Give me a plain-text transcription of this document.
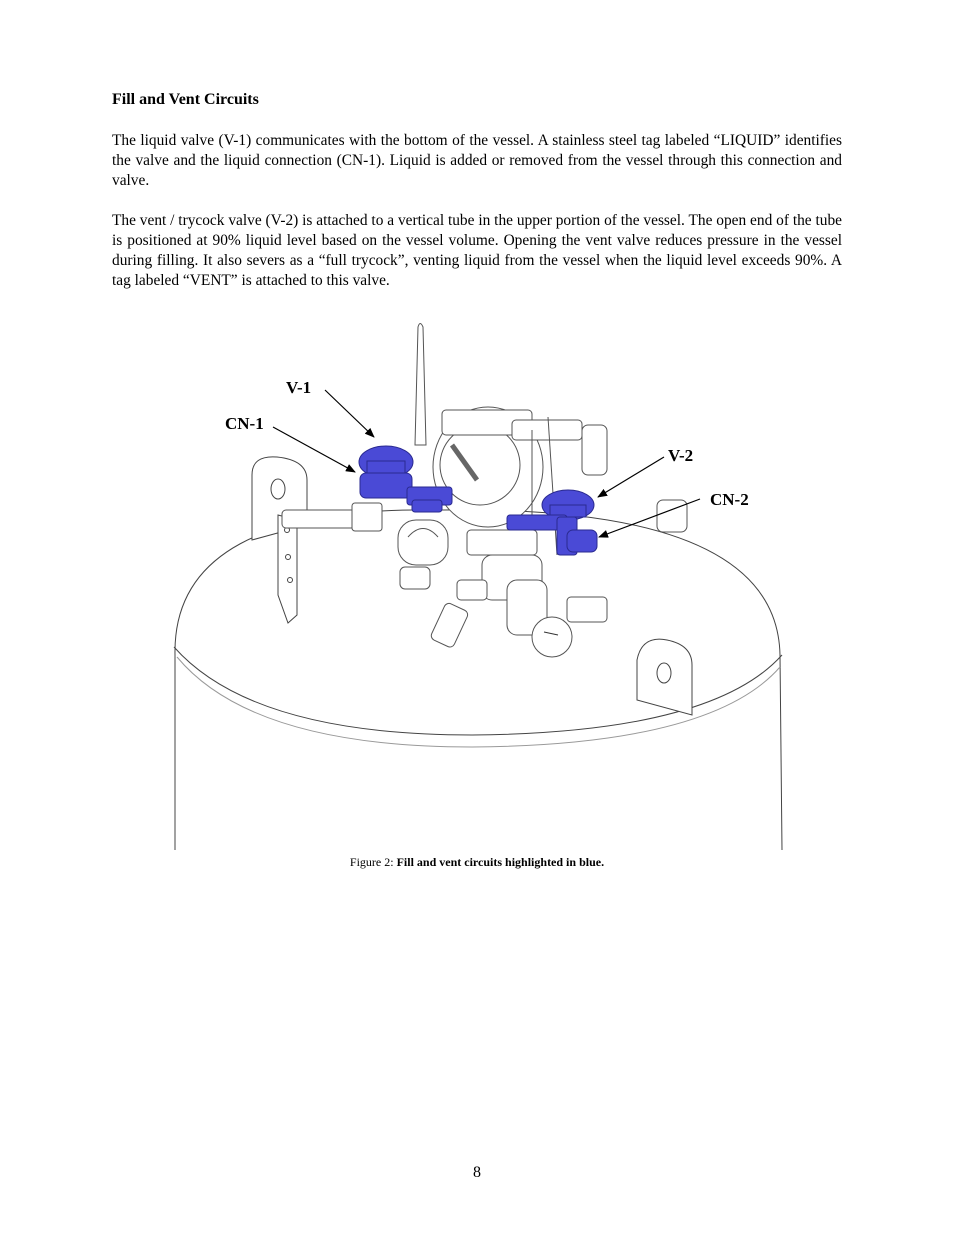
Fill and Vent Circuits

The liquid valve (V-1) communicates with the bottom of the vessel. A stainless steel tag labeled “LIQUID” identifies the valve and the liquid connection (CN-1). Liquid is added or removed from the vessel through this connection and valve.

The vent / trycock valve (V-2) is attached to a vertical tube in the upper portion of the vessel. The open end of the tube is positioned at 90% liquid level based on the vessel volume. Opening the vent valve reduces pressure in the vessel during filling. It also severs as a “full trycock”, venting liquid from the vessel when the liquid level exceeds 90%. A tag labeled “VENT” is attached to this valve.

V-1
CN-1
V-2
CN-2
Figure 2: Fill and vent circuits highlighted in blue.
8
